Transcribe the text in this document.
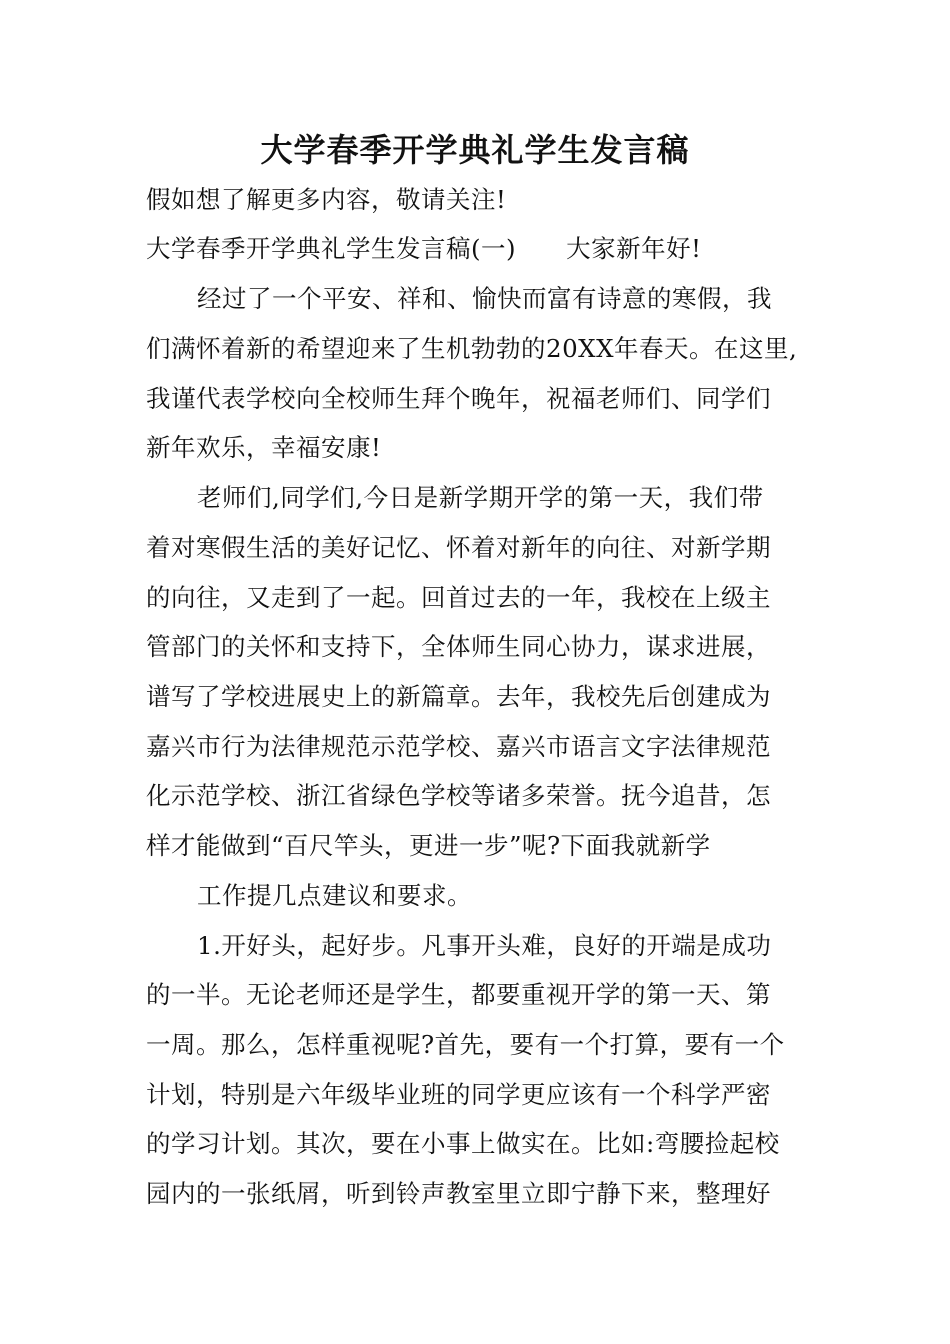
大学春季开学典礼学生发言稿
假如想了解更多内容，敬请关注!
大学春季开学典礼学生发言稿(一)　　大家新年好!
经过了一个平安、祥和、愉快而富有诗意的寒假，我
们满怀着新的希望迎来了生机勃勃的20XX年春天。在这里,
我谨代表学校向全校师生拜个晚年，祝福老师们、同学们
新年欢乐，幸福安康!
老师们,同学们,今日是新学期开学的第一天，我们带
着对寒假生活的美好记忆、怀着对新年的向往、对新学期
的向往，又走到了一起。回首过去的一年，我校在上级主
管部门的关怀和支持下，全体师生同心协力，谋求进展，
谱写了学校进展史上的新篇章。去年，我校先后创建成为
嘉兴市行为法律规范示范学校、嘉兴市语言文字法律规范
化示范学校、浙江省绿色学校等诸多荣誉。抚今追昔，怎
样才能做到“百尺竿头，更进一步”呢?下面我就新学
工作提几点建议和要求。
1.开好头，起好步。凡事开头难，良好的开端是成功
的一半。无论老师还是学生，都要重视开学的第一天、第
一周。那么，怎样重视呢?首先，要有一个打算，要有一个
计划，特别是六年级毕业班的同学更应该有一个科学严密
的学习计划。其次，要在小事上做实在。比如:弯腰捡起校
园内的一张纸屑，听到铃声教室里立即宁静下来，整理好
